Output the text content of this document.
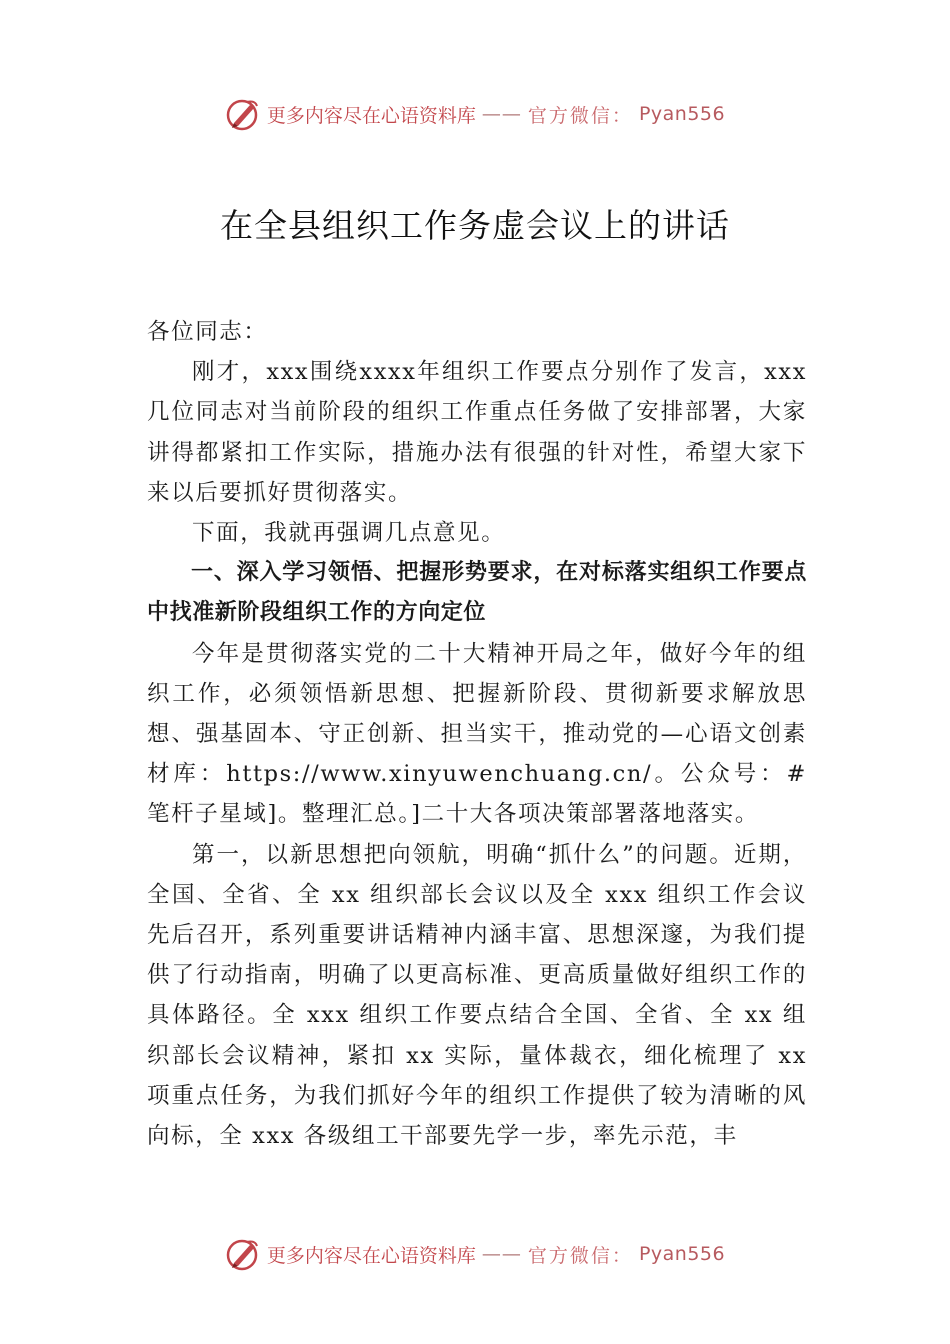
更多内容尽在心语资料库 —— 官方微信： Pyan556
在全县组织工作务虚会议上的讲话

各位同志：

刚才，xxx围绕xxxx年组织工作要点分别作了发言，xxx几位同志对当前阶段的组织工作重点任务做了安排部署，大家讲得都紧扣工作实际，措施办法有很强的针对性，希望大家下来以后要抓好贯彻落实。

下面，我就再强调几点意见。

一、深入学习领悟、把握形势要求，在对标落实组织工作要点中找准新阶段组织工作的方向定位

今年是贯彻落实党的二十大精神开局之年，做好今年的组织工作，必须领悟新思想、把握新阶段、贯彻新要求解放思想、强基固本、守正创新、担当实干，推动党的—心语文创素材库：https://www.xinyuwenchuang.cn/。公众号：#笔杆子星域]。整理汇总。]二十大各项决策部署落地落实。

第一，以新思想把向领航，明确“抓什么”的问题。近期，全国、全省、全 xx 组织部长会议以及全 xxx 组织工作会议先后召开，系列重要讲话精神内涵丰富、思想深邃，为我们提供了行动指南，明确了以更高标准、更高质量做好组织工作的具体路径。全 xxx 组织工作要点结合全国、全省、全 xx 组织部长会议精神，紧扣 xx 实际，量体裁衣，细化梳理了 xx 项重点任务，为我们抓好今年的组织工作提供了较为清晰的风向标，全 xxx 各级组工干部要先学一步，率先示范，丰

更多内容尽在心语资料库 —— 官方微信： Pyan556
